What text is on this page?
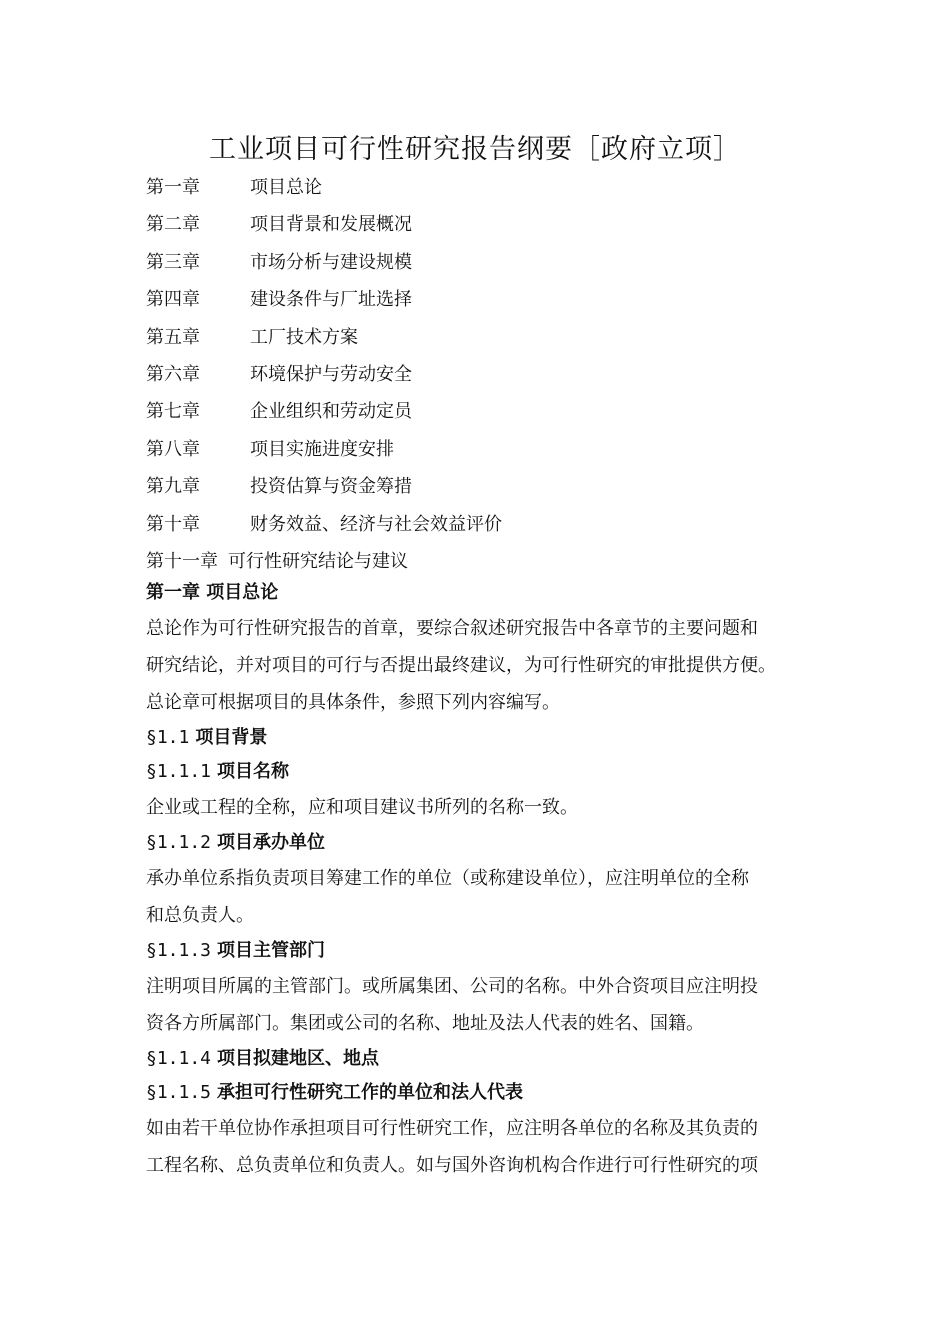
工业项目可行性研究报告纲要［政府立项］
第一章	项目总论
第二章	项目背景和发展概况
第三章	市场分析与建设规模
第四章	建设条件与厂址选择
第五章	工厂技术方案
第六章	环境保护与劳动安全
第七章	企业组织和劳动定员
第八章	项目实施进度安排
第九章	投资估算与资金筹措
第十章	财务效益、经济与社会效益评价
第十一章 可行性研究结论与建议
第一章 项目总论
总论作为可行性研究报告的首章，要综合叙述研究报告中各章节的主要问题和
研究结论，并对项目的可行与否提出最终建议，为可行性研究的审批提供方便。
总论章可根据项目的具体条件，参照下列内容编写。
§1.1 项目背景
§1.1.1 项目名称
企业或工程的全称，应和项目建议书所列的名称一致。
§1.1.2 项目承办单位
承办单位系指负责项目筹建工作的单位（或称建设单位），应注明单位的全称
和总负责人。
§1.1.3 项目主管部门
注明项目所属的主管部门。或所属集团、公司的名称。中外合资项目应注明投
资各方所属部门。集团或公司的名称、地址及法人代表的姓名、国籍。
§1.1.4 项目拟建地区、地点
§1.1.5 承担可行性研究工作的单位和法人代表
如由若干单位协作承担项目可行性研究工作，应注明各单位的名称及其负责的
工程名称、总负责单位和负责人。如与国外咨询机构合作进行可行性研究的项
